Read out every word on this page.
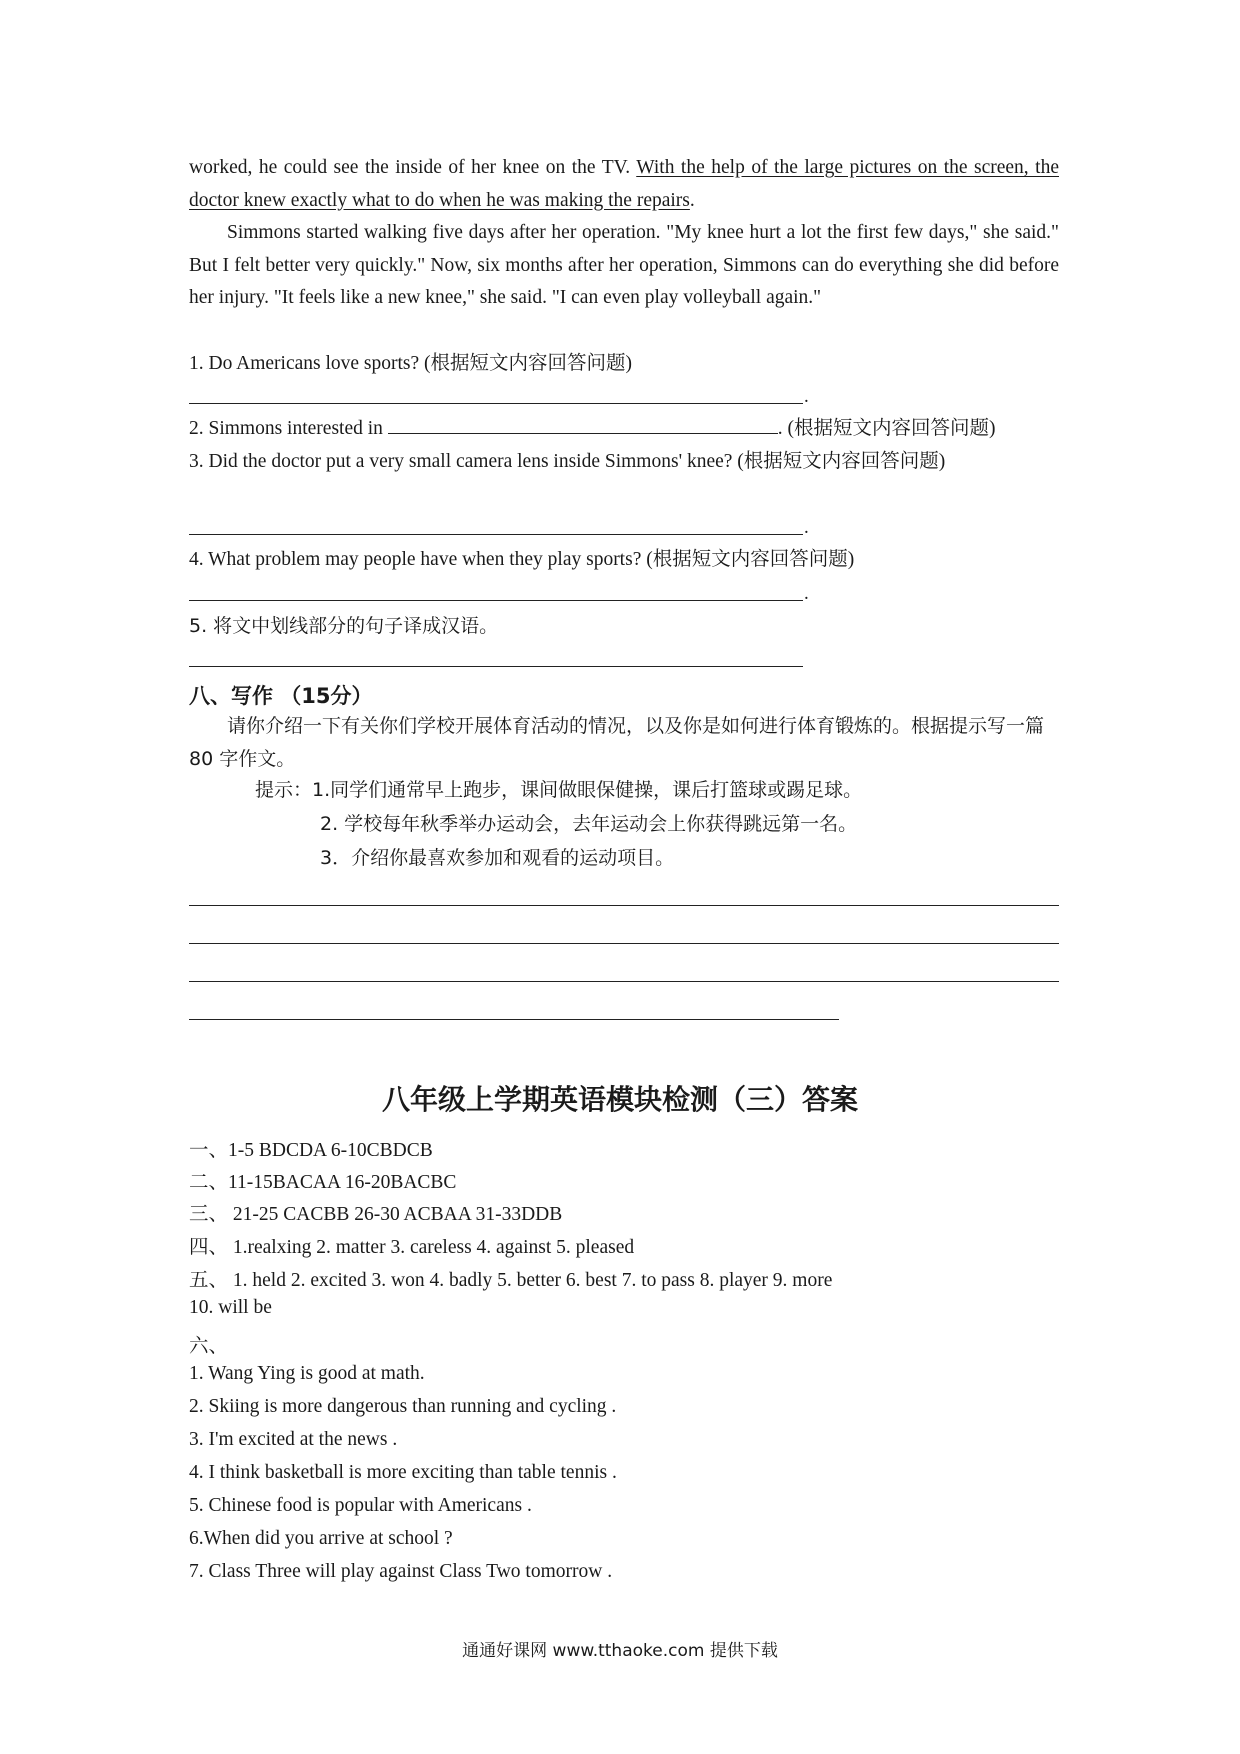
worked, he could see the inside of her knee on the TV. With the help of the large pictures on the screen, the doctor knew exactly what to do when he was making the repairs.

Simmons started walking five days after her operation. "My knee hurt a lot the first few days," she said." But I felt better very quickly." Now, six months after her operation, Simmons can do everything she did before her injury. "It feels like a new knee," she said. "I can even play volleyball again."

1. Do Americans love sports? (根据短文内容回答问题)
.
2. Simmons interested in	. (根据短文内容回答问题)

3. Did the doctor put a very small camera lens inside Simmons' knee? (根据短文内容回答问题)

.
4. What problem may people have when they play sports? (根据短文内容回答问题)
.
5. 将文中划线部分的句子译成汉语。
八、写作 （15分）
请你介绍一下有关你们学校开展体育活动的情况，以及你是如何进行体育锻炼的。根据提示写一篇 80 字作文。
提示：1.同学们通常早上跑步，课间做眼保健操，课后打篮球或踢足球。
2. 学校每年秋季举办运动会，去年运动会上你获得跳远第一名。
3．介绍你最喜欢参加和观看的运动项目。
八年级上学期英语模块检测（三）答案
一、1-5 BDCDA 6-10CBDCB
二、11-15BACAA 16-20BACBC
三、 21-25 CACBB 26-30 ACBAA 31-33DDB
四、 1.realxing 2. matter 3. careless 4. against 5. pleased
五、 1. held 2. excited 3. won 4. badly 5. better 6. best 7. to pass 8. player 9. more
10. will be
六、
1. Wang Ying is good at math.
2. Skiing is more dangerous than running and cycling .
3. I'm excited at the news .
4. I think basketball is more exciting than table tennis .
5. Chinese food is popular with Americans .
6.When did you arrive at school ?
7. Class Three will play against Class Two tomorrow .
通通好课网 www.tthaoke.com 提供下载
